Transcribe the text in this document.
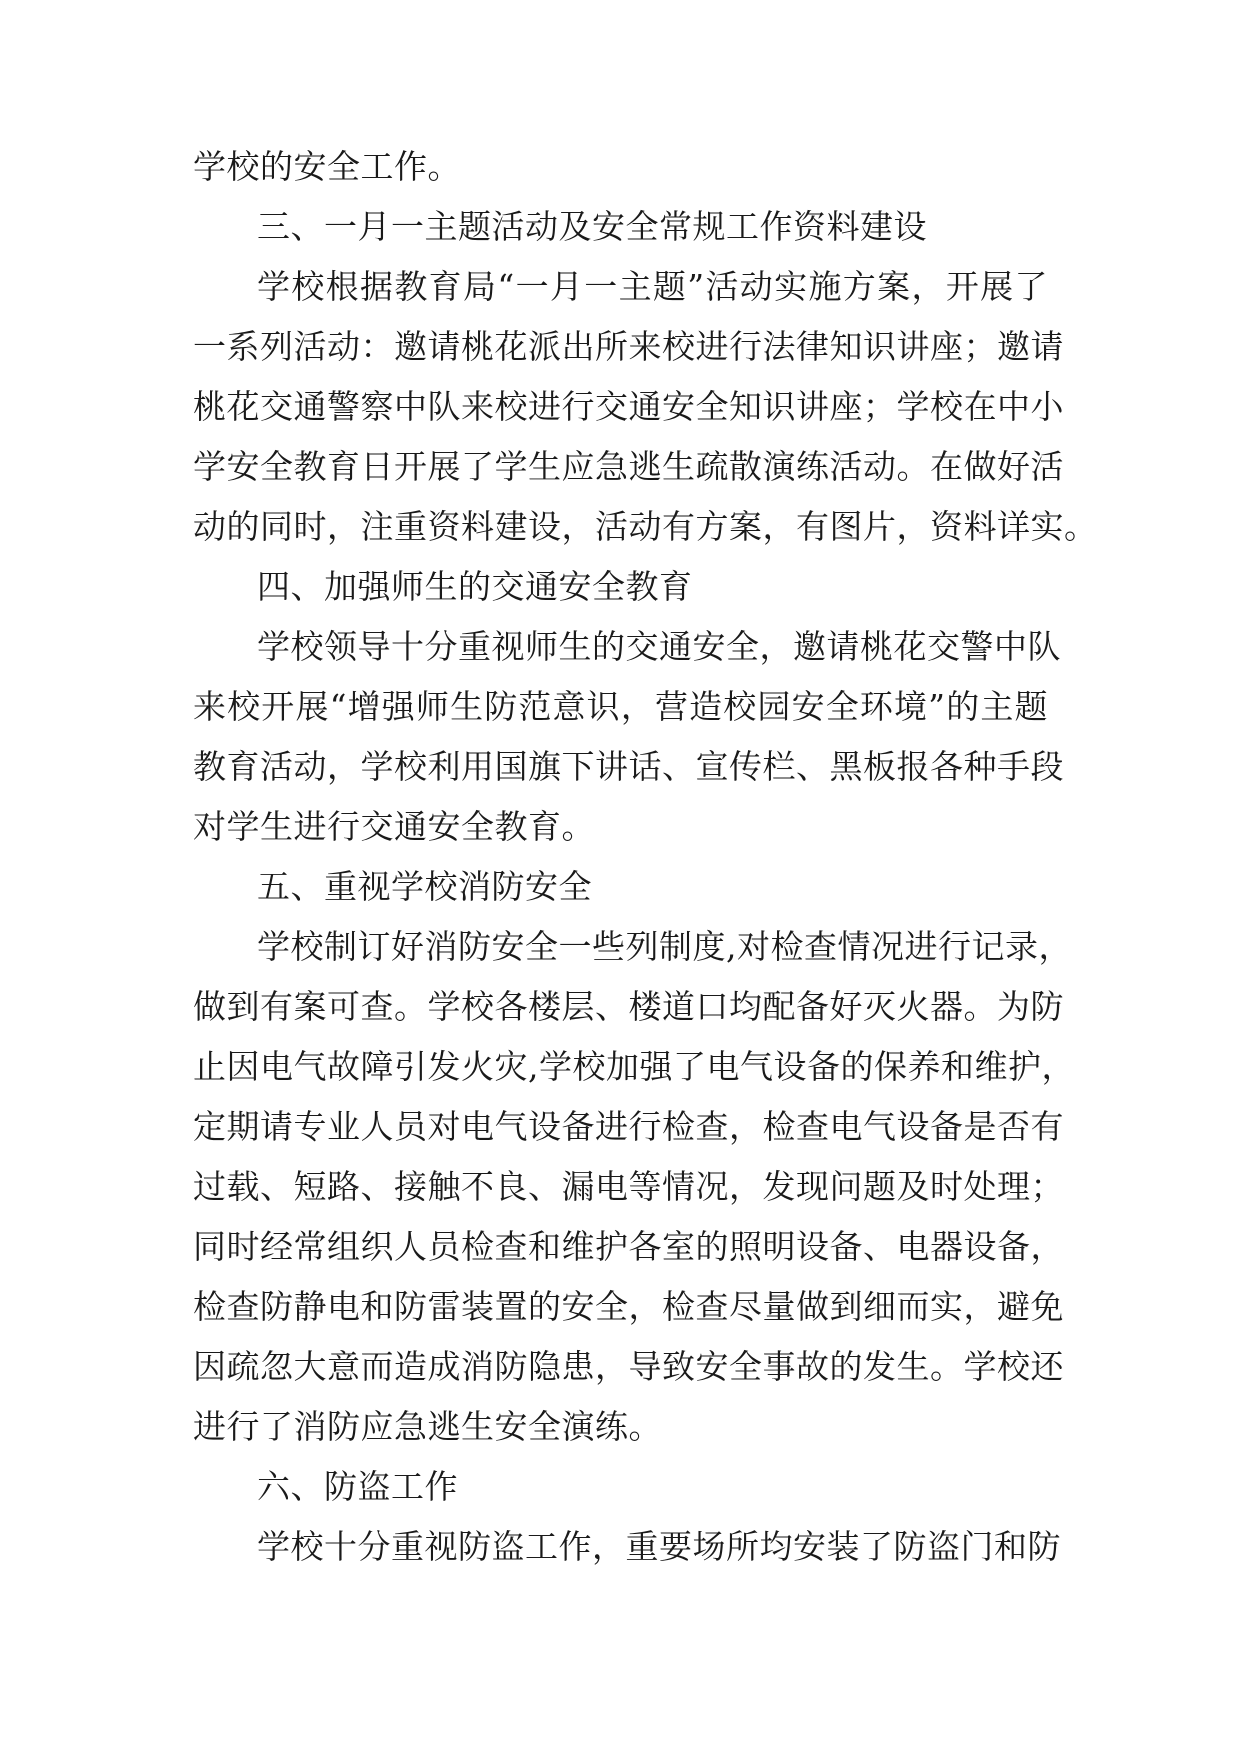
学校的安全工作。
三、一月一主题活动及安全常规工作资料建设
学校根据教育局“一月一主题”活动实施方案，开展了
一系列活动：邀请桃花派出所来校进行法律知识讲座；邀请
桃花交通警察中队来校进行交通安全知识讲座；学校在中小
学安全教育日开展了学生应急逃生疏散演练活动。在做好活
动的同时，注重资料建设，活动有方案，有图片，资料详实。
四、加强师生的交通安全教育
学校领导十分重视师生的交通安全，邀请桃花交警中队
来校开展“增强师生防范意识，营造校园安全环境”的主题
教育活动，学校利用国旗下讲话、宣传栏、黑板报各种手段
对学生进行交通安全教育。
五、重视学校消防安全
学校制订好消防安全一些列制度,对检查情况进行记录，
做到有案可查。学校各楼层、楼道口均配备好灭火器。为防
止因电气故障引发火灾,学校加强了电气设备的保养和维护，
定期请专业人员对电气设备进行检查，检查电气设备是否有
过载、短路、接触不良、漏电等情况，发现问题及时处理；
同时经常组织人员检查和维护各室的照明设备、电器设备，
检查防静电和防雷装置的安全，检查尽量做到细而实，避免
因疏忽大意而造成消防隐患，导致安全事故的发生。学校还
进行了消防应急逃生安全演练。
六、防盗工作
学校十分重视防盗工作，重要场所均安装了防盗门和防
